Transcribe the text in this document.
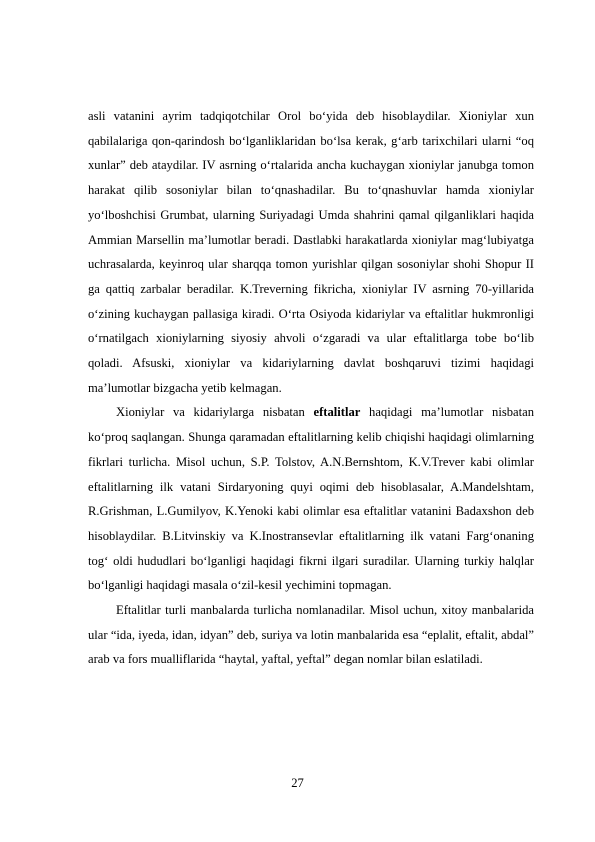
asli vatanini ayrim tadqiqotchilar Orol bo‘yida deb hisoblaydilar. Xioniylar xun qabilalariga qon-qarindosh bo‘lganliklaridan bo‘lsa kerak, g‘arb tarixchilari ularni “oq xunlar” deb ataydilar. IV asrning o‘rtalarida ancha kuchaygan xioniylar janubga tomon harakat qilib sosoniylar bilan to‘qnashadilar. Bu to‘qnashuvlar hamda xioniylar yo‘lboshchisi Grumbat, ularning Suriyadagi Umda shahrini qamal qilganliklari haqida Ammian Marsellin ma’lumotlar beradi. Dastlabki harakatlarda xioniylar mag‘lubiyatga uchrasalarda, keyinroq ular sharqqa tomon yurishlar qilgan sosoniylar shohi Shopur II ga qattiq zarbalar beradilar. K.Treverning fikricha, xioniylar IV asrning 70-yillarida o‘zining kuchaygan pallasiga kiradi. O‘rta Osiyoda kidariylar va eftalitlar hukmronligi o‘rnatilgach xioniylarning siyosiy ahvoli o‘zgaradi va ular eftalitlarga tobe bo‘lib qoladi. Afsuski, xioniylar va kidariylarning davlat boshqaruvi tizimi haqidagi ma’lumotlar bizgacha yetib kelmagan.

Xioniylar va kidariylarga nisbatan eftalitlar haqidagi ma’lumotlar nisbatan ko‘proq saqlangan. Shunga qaramadan eftalitlarning kelib chiqishi haqidagi olimlarning fikrlari turlicha. Misol uchun, S.P. Tolstov, A.N.Bernshtom, K.V.Trever kabi olimlar eftalitlarning ilk vatani Sirdaryoning quyi oqimi deb hisoblasalar, A.Mandelshtam, R.Grishman, L.Gumilyov, K.Yenoki kabi olimlar esa eftalitlar vatanini Badaxshon deb hisoblaydilar. B.Litvinskiy va K.Inostransevlar eftalitlarning ilk vatani Farg‘onaning tog‘ oldi hududlari bo‘lganligi haqidagi fikrni ilgari suradilar. Ularning turkiy halqlar bo‘lganligi haqidagi masala o‘zil-kesil yechimini topmagan.

Eftalitlar turli manbalarda turlicha nomlanadilar. Misol uchun, xitoy manbalarida ular “ida, iyeda, idan, idyan” deb, suriya va lotin manbalarida esa “eplalit, eftalit, abdal” arab va fors mualliflarida “haytal, yaftal, yeftal” degan nomlar bilan eslatiladi.

27
